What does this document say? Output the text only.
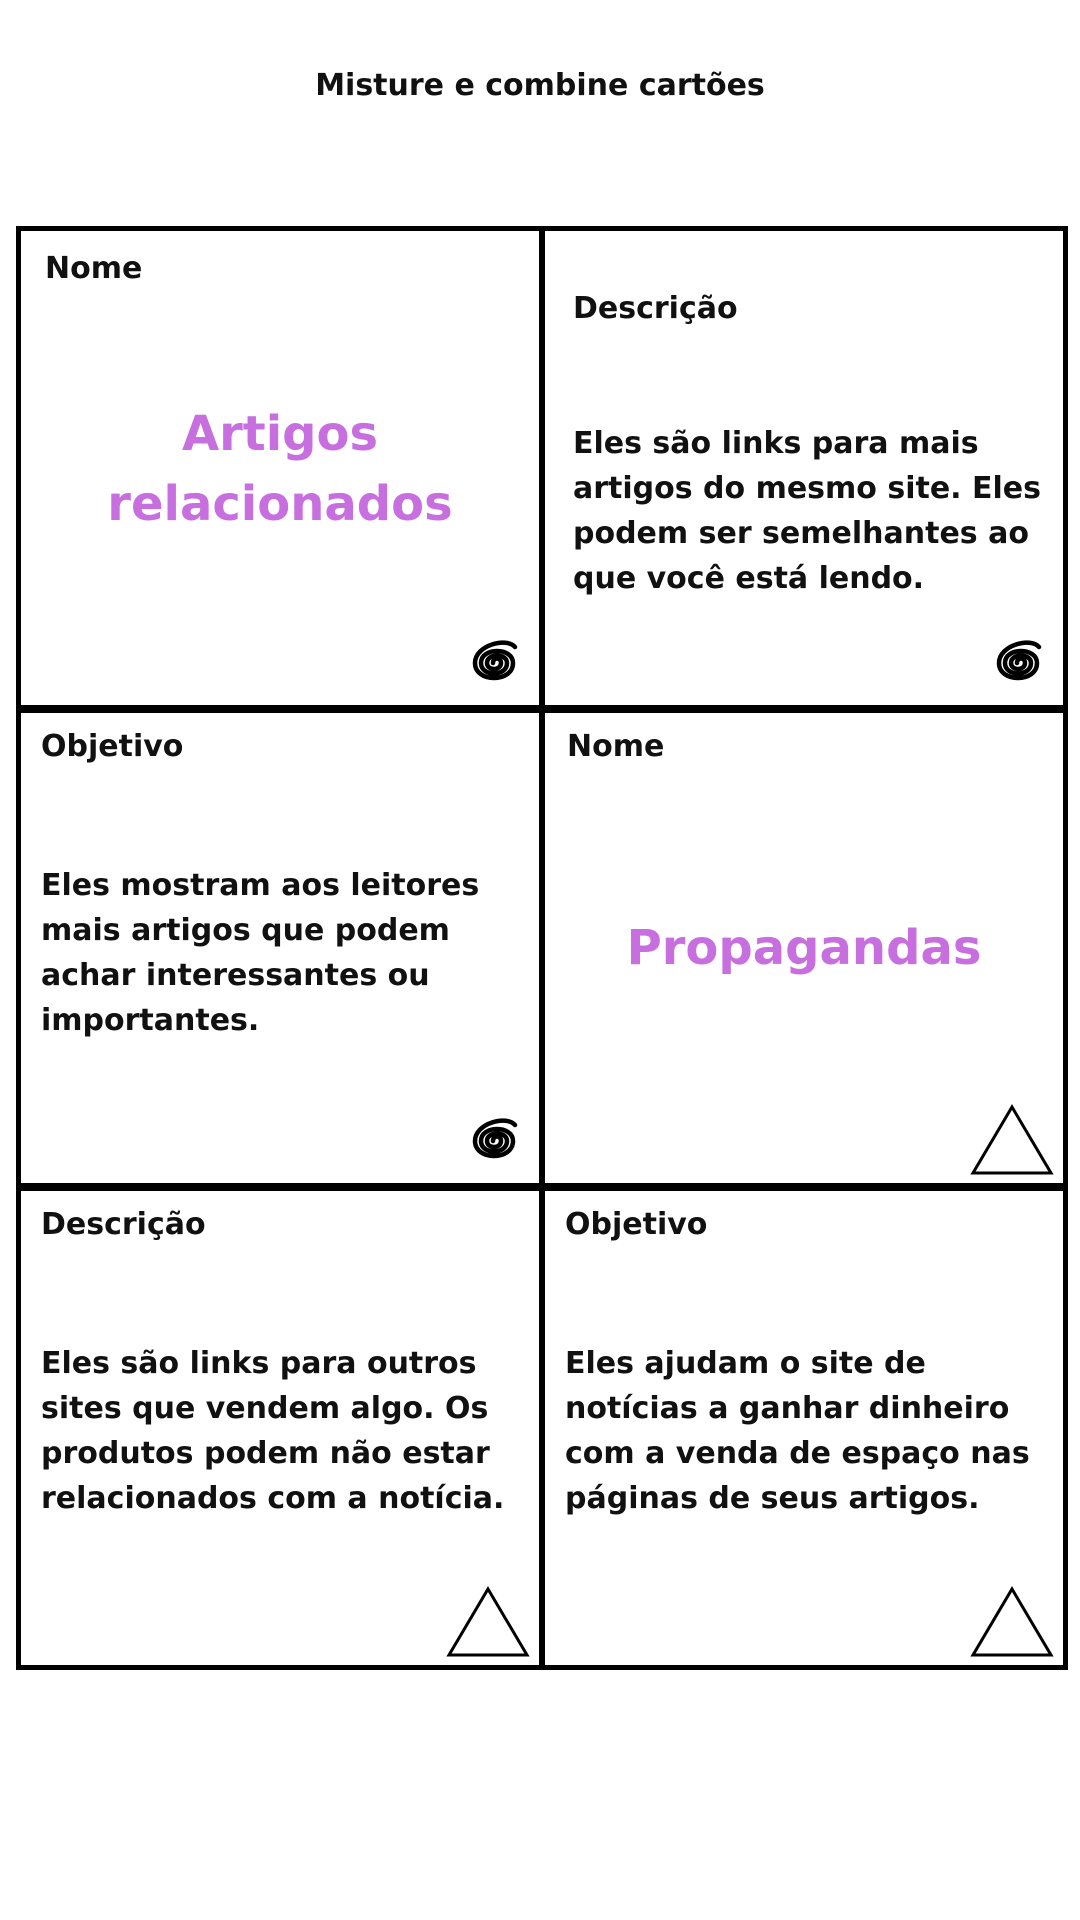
Misture e combine cartões
Nome
Artigos relacionados
Descrição
Eles são links para mais artigos do mesmo site. Eles podem ser semelhantes ao que você está lendo.
Objetivo
Eles mostram aos leitores mais artigos que podem achar interessantes ou importantes.
Nome
Propagandas
Descrição
Eles são links para outros sites que vendem algo. Os produtos podem não estar relacionados com a notícia.
Objetivo
Eles ajudam o site de notícias a ganhar dinheiro com a venda de espaço nas páginas de seus artigos.
